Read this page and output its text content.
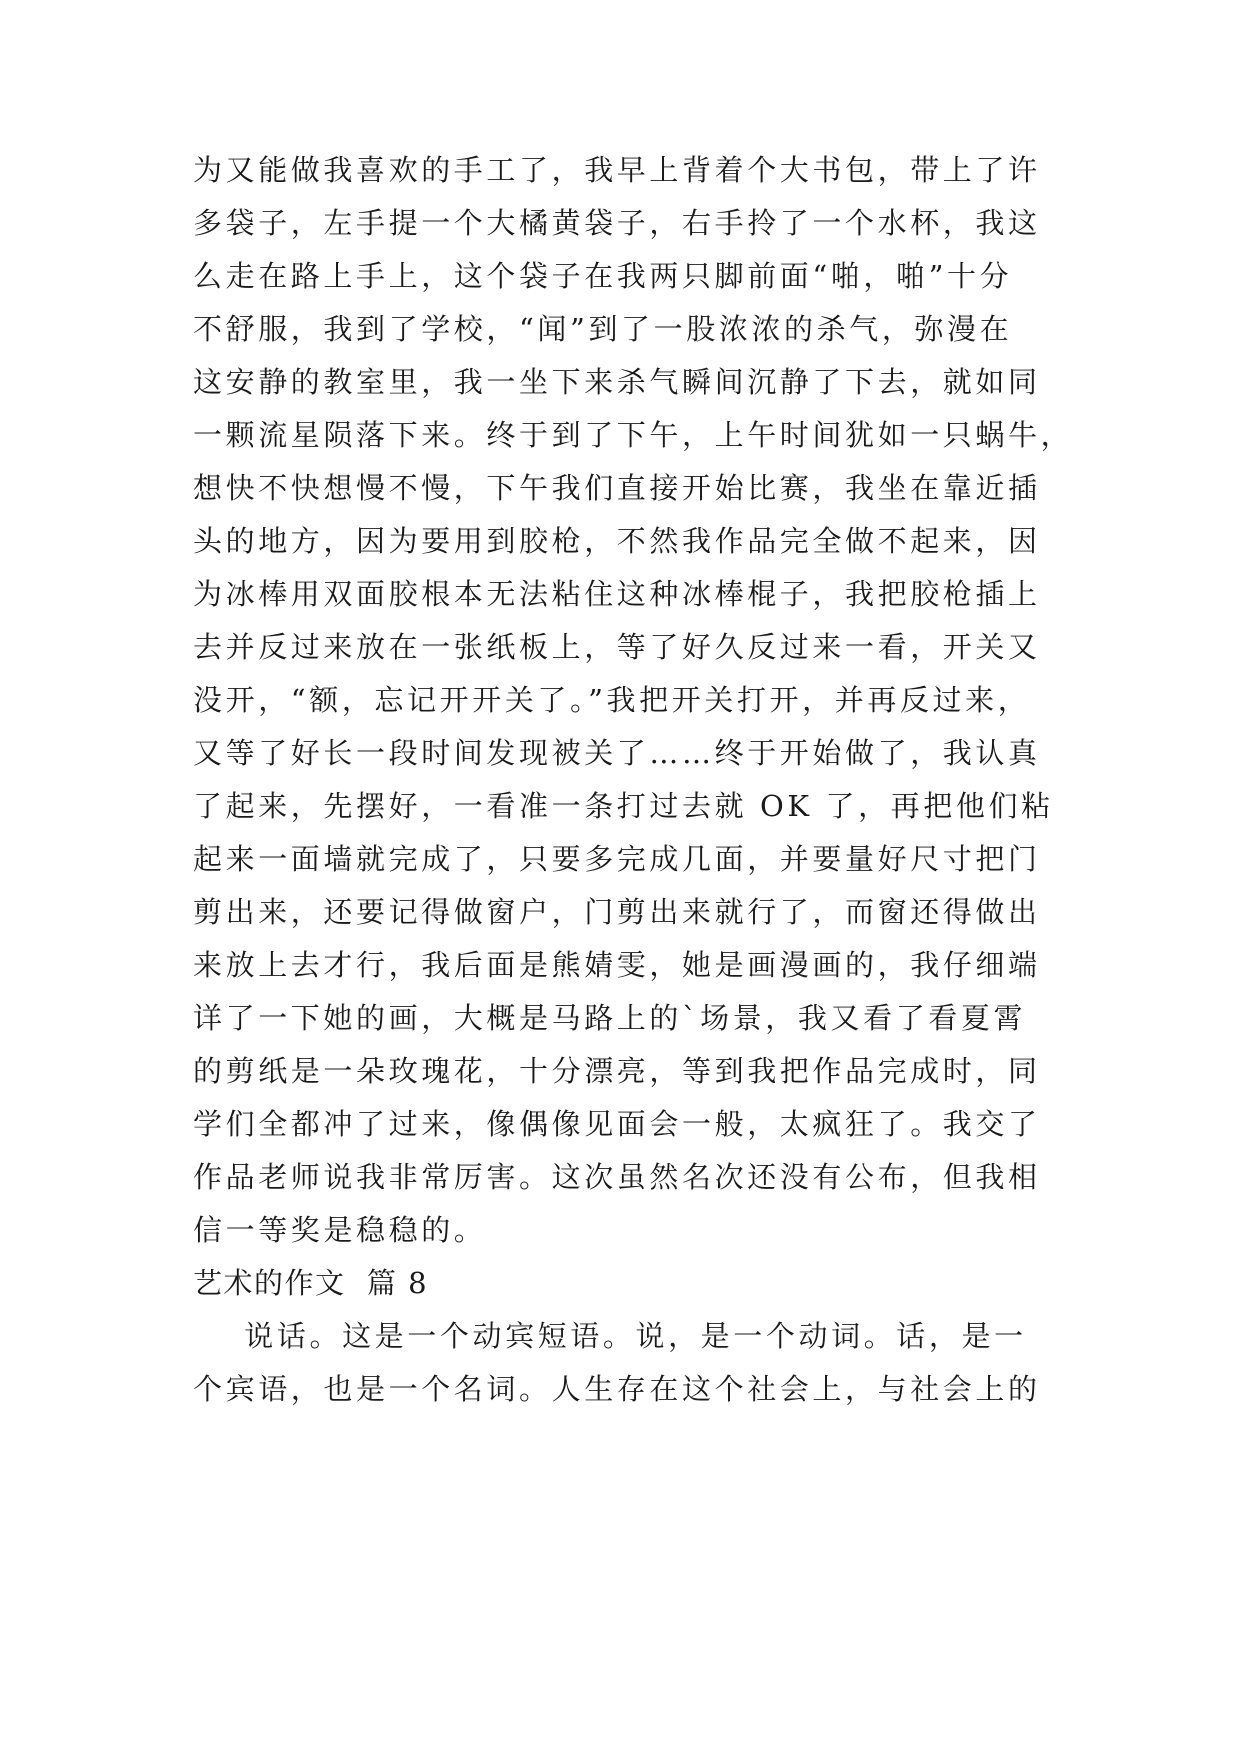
为又能做我喜欢的手工了，我早上背着个大书包，带上了许
多袋子，左手提一个大橘黄袋子，右手拎了一个水杯，我这
么走在路上手上，这个袋子在我两只脚前面“啪，啪”十分
不舒服，我到了学校，“闻”到了一股浓浓的杀气，弥漫在
这安静的教室里，我一坐下来杀气瞬间沉静了下去，就如同
一颗流星陨落下来。终于到了下午，上午时间犹如一只蜗牛，
想快不快想慢不慢，下午我们直接开始比赛，我坐在靠近插
头的地方，因为要用到胶枪，不然我作品完全做不起来，因
为冰棒用双面胶根本无法粘住这种冰棒棍子，我把胶枪插上
去并反过来放在一张纸板上，等了好久反过来一看，开关又
没开，“额，忘记开开关了。”我把开关打开，并再反过来，
又等了好长一段时间发现被关了……终于开始做了，我认真
了起来，先摆好，一看准一条打过去就 OK 了，再把他们粘
起来一面墙就完成了，只要多完成几面，并要量好尺寸把门
剪出来，还要记得做窗户，门剪出来就行了，而窗还得做出
来放上去才行，我后面是熊婧雯，她是画漫画的，我仔细端
详了一下她的画，大概是马路上的`场景，我又看了看夏霄
的剪纸是一朵玫瑰花，十分漂亮，等到我把作品完成时，同
学们全都冲了过来，像偶像见面会一般，太疯狂了。我交了
作品老师说我非常厉害。这次虽然名次还没有公布，但我相
信一等奖是稳稳的。
艺术的作文  篇 8
说话。这是一个动宾短语。说，是一个动词。话，是一
个宾语，也是一个名词。人生存在这个社会上，与社会上的
